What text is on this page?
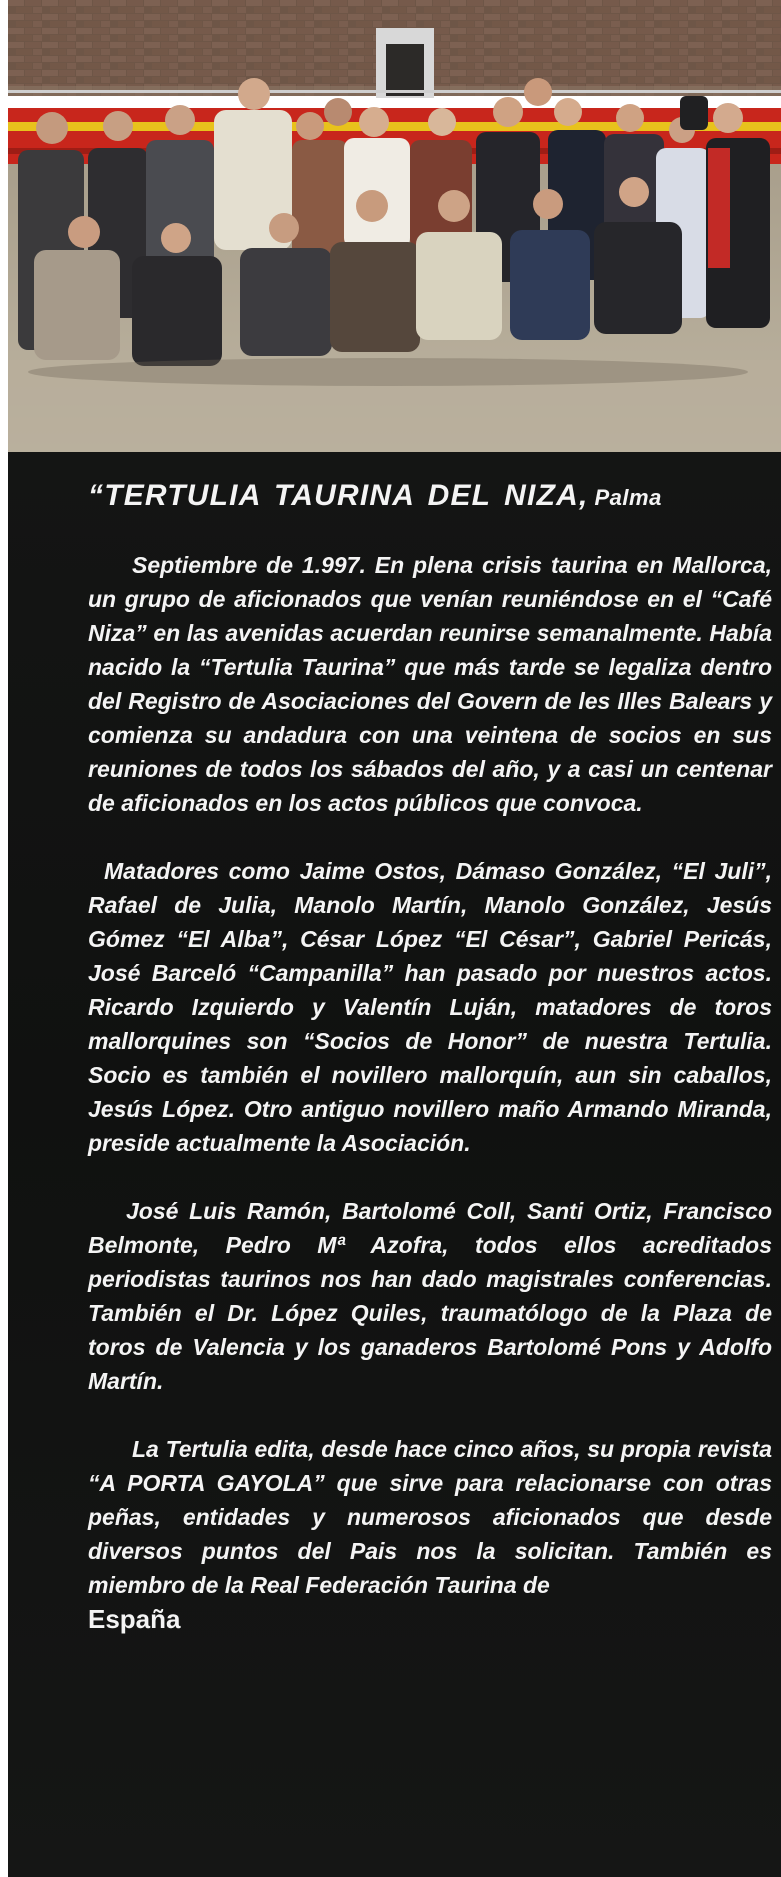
“TERTULIA TAURINA DEL NIZA, Palma

Septiembre de 1.997. En plena crisis taurina en Mallorca, un grupo de aficionados que venían reuniéndose en el “Café Niza” en las avenidas acuerdan reunirse semanalmente. Había nacido la “Tertulia Taurina” que más tarde se legaliza dentro del Registro de Asociaciones del Govern de les Illes Balears y comienza su andadura con una veintena de socios en sus reuniones de todos los sábados del año, y a casi un centenar de aficionados en los actos públicos que convoca.

Matadores como Jaime Ostos, Dámaso González, “El Juli”, Rafael de Julia, Manolo Martín, Manolo González, Jesús Gómez “El Alba”, César López “El César”, Gabriel Pericás, José Barceló “Campanilla” han pasado por nuestros actos. Ricardo Izquierdo y Valentín Luján, matadores de toros mallorquines son “Socios de Honor” de nuestra Tertulia. Socio es también el novillero mallorquín, aun sin caballos, Jesús López. Otro antiguo novillero maño Armando Miranda, preside actualmente la Asociación.

José Luis Ramón, Bartolomé Coll, Santi Ortiz, Francisco Belmonte, Pedro Mª Azofra, todos ellos acreditados periodistas taurinos nos han dado magistrales conferencias. También el Dr. López Quiles, traumatólogo de la Plaza de toros de Valencia y los ganaderos Bartolomé Pons y Adolfo Martín.

La Tertulia edita, desde hace cinco años, su propia revista “A PORTA GAYOLA” que sirve para relacionarse con otras peñas, entidades y numerosos aficionados que desde diversos puntos del Pais nos la solicitan. También es miembro de la Real Federación Taurina de

España
